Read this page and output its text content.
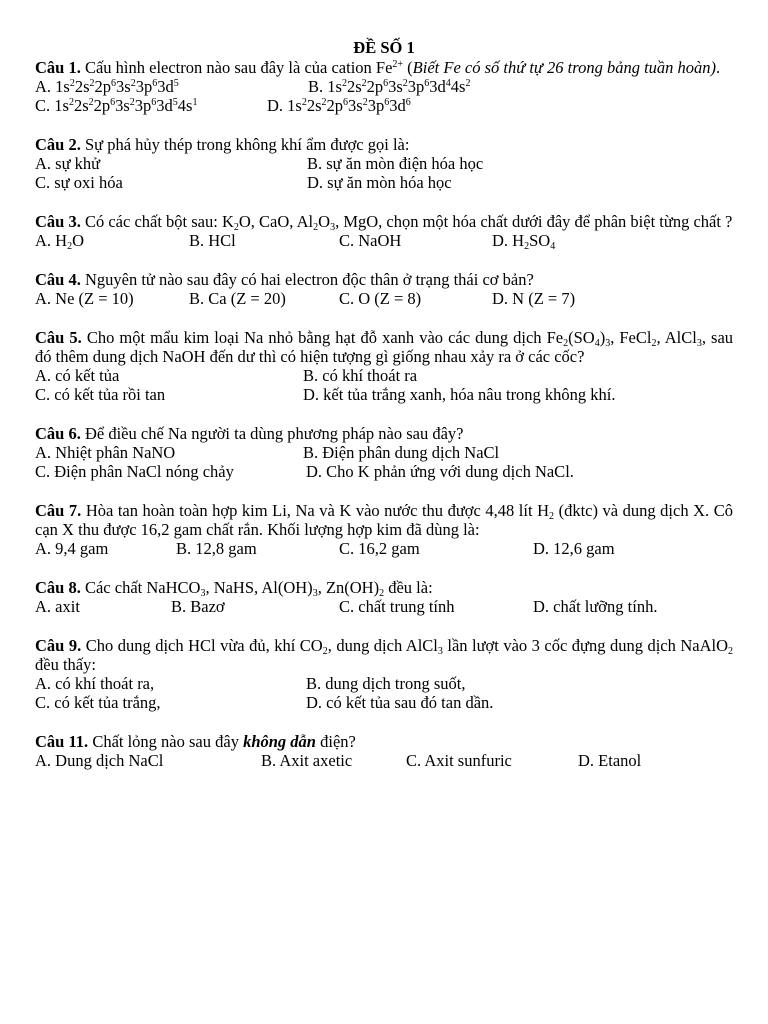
ĐỀ SỐ 1
Câu 1. Cấu hình electron nào sau đây là của cation $Fe^{2+}$ (Biết Fe có số thứ tự 26 trong bảng tuần hoàn).
A. $1s^22s^22p^63s^23p^63d^5$	B. $1s^22s^22p^63s^23p^63d^44s^2$
C. $1s^22s^22p^63s^23p^63d^54s^1$	D. $1s^22s^22p^63s^23p^63d^6$
Câu 2. Sự phá hủy thép trong không khí ẩm được gọi là:
A. sự khử	B. sự ăn mòn điện hóa học
C. sự oxi hóa	D. sự ăn mòn hóa học
Câu 3. Có các chất bột sau: $K_2O$, CaO, $Al_2O_3$, MgO, chọn một hóa chất dưới đây để phân biệt từng chất ?
A. $H_2O$	B. HCl	C. NaOH	D. $H_2SO_4$
Câu 4. Nguyên tử nào sau đây có hai electron độc thân ở trạng thái cơ bản?
A. Ne (Z = 10)	B. Ca (Z = 20)	C. O (Z = 8)	D. N (Z = 7)
Câu 5. Cho một mẩu kim loại Na nhỏ bằng hạt đỗ xanh vào các dung dịch $Fe_2(SO_4)_3$, FeCl$_2$, AlCl$_3$, sau đó thêm dung dịch NaOH đến dư thì có hiện tượng gì giống nhau xảy ra ở các cốc?
A. có kết tủa	B. có khí thoát ra
C. có kết tủa rồi tan	D. kết tủa trắng xanh, hóa nâu trong không khí.
Câu 6. Để điều chế Na người ta dùng phương pháp nào sau đây?
A. Nhiệt phân NaNO	B. Điện phân dung dịch NaCl
C. Điện phân NaCl nóng chảy	D. Cho K phản ứng với dung dịch NaCl.
Câu 7. Hòa tan hoàn toàn hợp kim Li, Na và K vào nước thu được 4,48 lít $H_2$ (đktc) và dung dịch X. Cô cạn X thu được 16,2 gam chất rắn. Khối lượng hợp kim đã dùng là:
A. 9,4 gam	B. 12,8 gam	C. 16,2 gam	D. 12,6 gam
Câu 8. Các chất NaHCO$_3$, NaHS, $Al(OH)_3$, $Zn(OH)_2$ đều là:
A. axit	B. Bazơ	C. chất trung tính	D. chất lưỡng tính.
Câu 9. Cho dung dịch HCl vừa đủ, khí $CO_2$, dung dịch AlCl$_3$ lần lượt vào 3 cốc đựng dung dịch NaAlO$_2$ đều thấy:
A. có khí thoát ra,	B. dung dịch trong suốt,
C. có kết tủa trắng,	D. có kết tủa sau đó tan dần.
Câu 11. Chất lỏng nào sau đây không dẫn điện?
A. Dung dịch NaCl	B. Axit axetic	C. Axit sunfuric	D. Etanol
